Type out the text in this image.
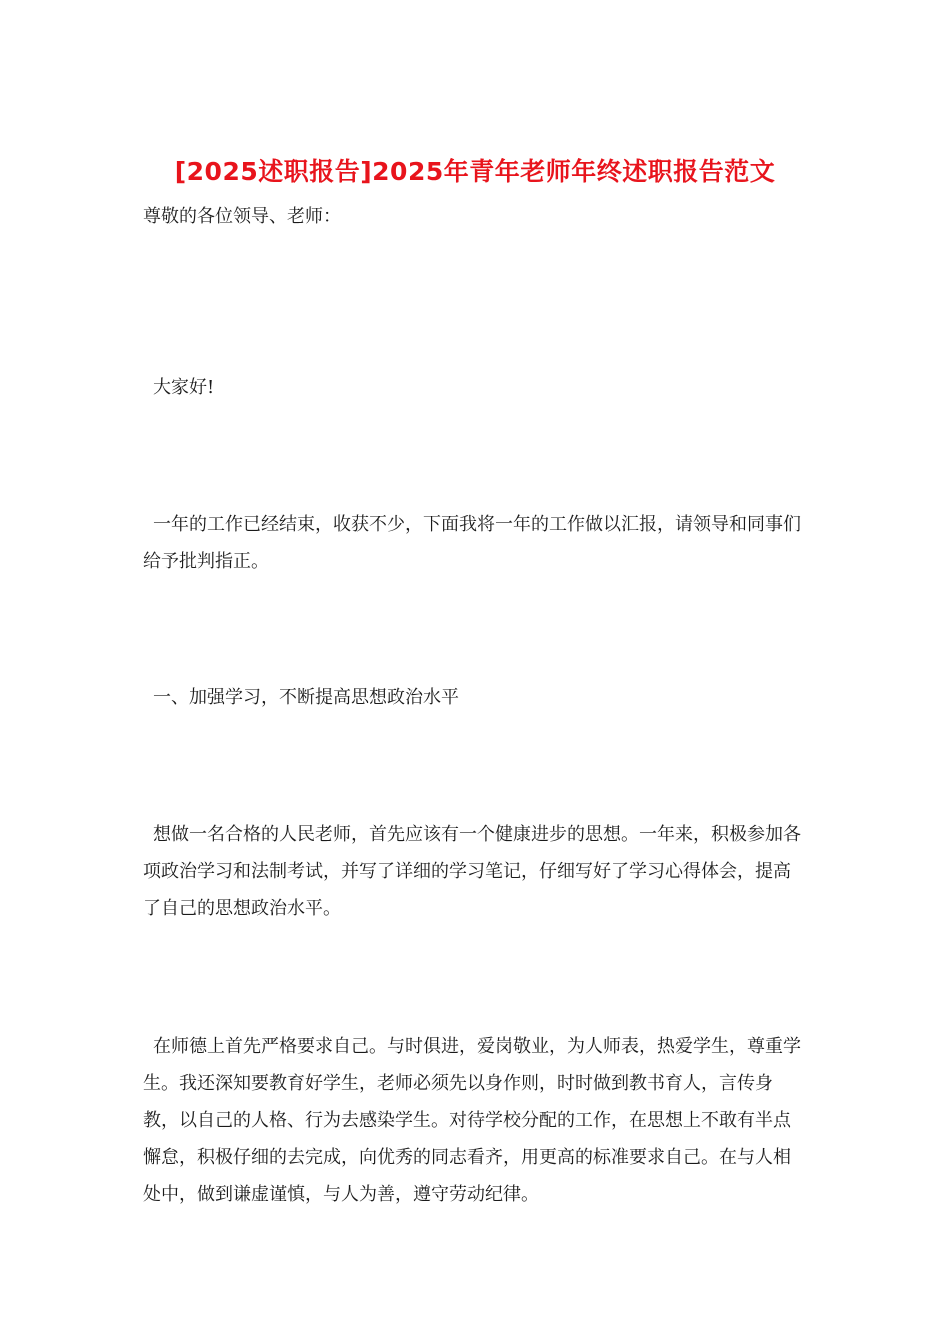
[2025述职报告]2025年青年老师年终述职报告范文

尊敬的各位领导、老师：

大家好!

一年的工作已经结束，收获不少，下面我将一年的工作做以汇报，请领导和同事们给予批判指正。

一、加强学习，不断提高思想政治水平

想做一名合格的人民老师，首先应该有一个健康进步的思想。一年来，积极参加各项政治学习和法制考试，并写了详细的学习笔记，仔细写好了学习心得体会，提高了自己的思想政治水平。

在师德上首先严格要求自己。与时俱进，爱岗敬业，为人师表，热爱学生，尊重学生。我还深知要教育好学生，老师必须先以身作则，时时做到教书育人，言传身教，以自己的人格、行为去感染学生。对待学校分配的工作，在思想上不敢有半点懈怠，积极仔细的去完成，向优秀的同志看齐，用更高的标准要求自己。在与人相处中，做到谦虚谨慎，与人为善，遵守劳动纪律。
